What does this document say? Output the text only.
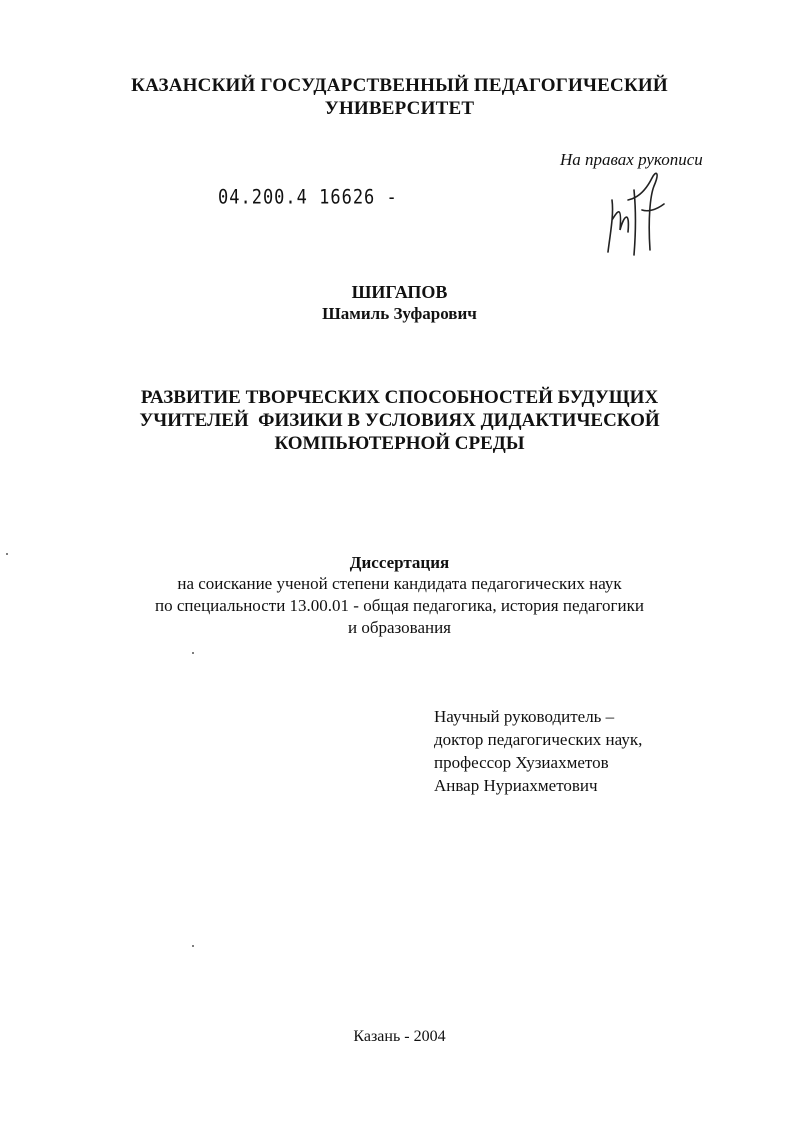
КАЗАНСКИЙ ГОСУДАРСТВЕННЫЙ ПЕДАГОГИЧЕСКИЙ
УНИВЕРСИТЕТ
На правах рукописи
04.200.4 16626 -
ШИГАПОВ
Шамиль Зуфарович
РАЗВИТИЕ ТВОРЧЕСКИХ СПОСОБНОСТЕЙ БУДУЩИХ
УЧИТЕЛЕЙ  ФИЗИКИ В УСЛОВИЯХ ДИДАКТИЧЕСКОЙ
КОМПЬЮТЕРНОЙ СРЕДЫ
Диссертация
на соискание ученой степени кандидата педагогических наук
по специальности 13.00.01 - общая педагогика, история педагогики
и образования
Научный руководитель –
доктор педагогических наук,
профессор Хузиахметов
Анвар Нуриахметович
Казань - 2004
